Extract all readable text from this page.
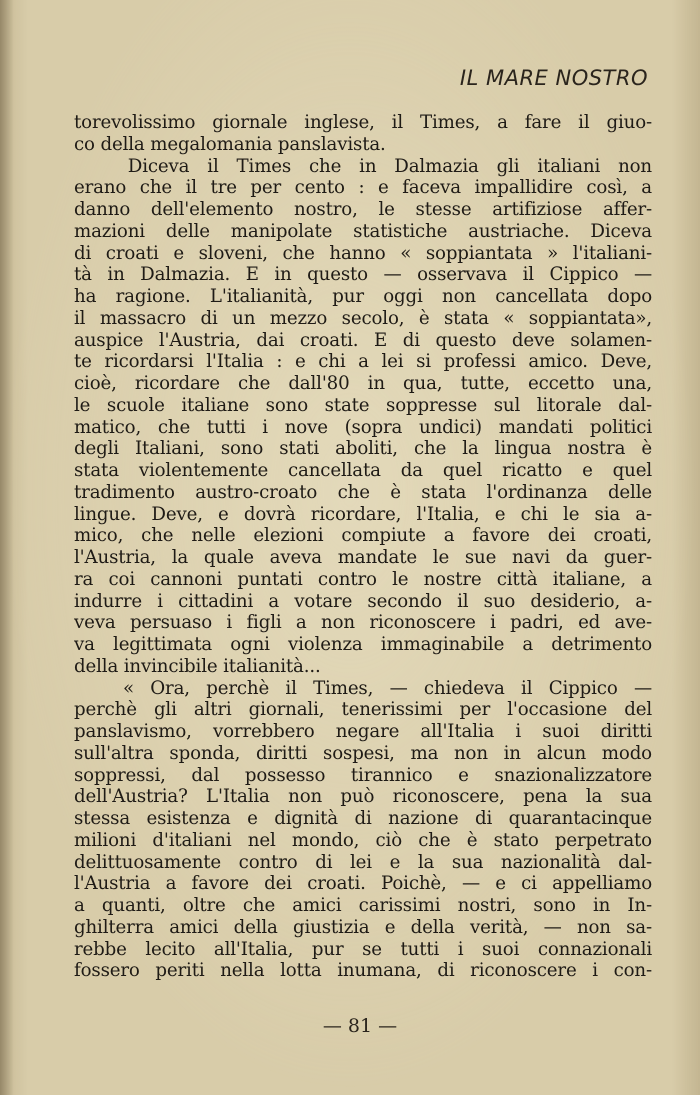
IL MARE NOSTRO
torevolissimo giornale inglese, il Times, a fare il giuo-
co della megalomania panslavista.
Diceva il Times che in Dalmazia gli italiani non
erano che il tre per cento : e faceva impallidire così, a
danno dell'elemento nostro, le stesse artifiziose affer-
mazioni delle manipolate statistiche austriache. Diceva
di croati e sloveni, che hanno « soppiantata » l'italiani-
tà in Dalmazia. E in questo — osservava il Cippico —
ha ragione. L'italianità, pur oggi non cancellata dopo
il massacro di un mezzo secolo, è stata « soppiantata»,
auspice l'Austria, dai croati. E di questo deve solamen-
te ricordarsi l'Italia : e chi a lei si professi amico. Deve,
cioè, ricordare che dall'80 in qua, tutte, eccetto una,
le scuole italiane sono state soppresse sul litorale dal-
matico, che tutti i nove (sopra undici) mandati politici
degli Italiani, sono stati aboliti, che la lingua nostra è
stata violentemente cancellata da quel ricatto e quel
tradimento austro-croato che è stata l'ordinanza delle
lingue. Deve, e dovrà ricordare, l'Italia, e chi le sia a-
mico, che nelle elezioni compiute a favore dei croati,
l'Austria, la quale aveva mandate le sue navi da guer-
ra coi cannoni puntati contro le nostre città italiane, a
indurre i cittadini a votare secondo il suo desiderio, a-
veva persuaso i figli a non riconoscere i padri, ed ave-
va legittimata ogni violenza immaginabile a detrimento
della invincibile italianità...
« Ora, perchè il Times, — chiedeva il Cippico —
perchè gli altri giornali, tenerissimi per l'occasione del
panslavismo, vorrebbero negare all'Italia i suoi diritti
sull'altra sponda, diritti sospesi, ma non in alcun modo
soppressi, dal possesso tirannico e snazionalizzatore
dell'Austria? L'Italia non può riconoscere, pena la sua
stessa esistenza e dignità di nazione di quarantacinque
milioni d'italiani nel mondo, ciò che è stato perpetrato
delittuosamente contro di lei e la sua nazionalità dal-
l'Austria a favore dei croati. Poichè, — e ci appelliamo
a quanti, oltre che amici carissimi nostri, sono in In-
ghilterra amici della giustizia e della verità, — non sa-
rebbe lecito all'Italia, pur se tutti i suoi connazionali
fossero periti nella lotta inumana, di riconoscere i con-
— 81 —
